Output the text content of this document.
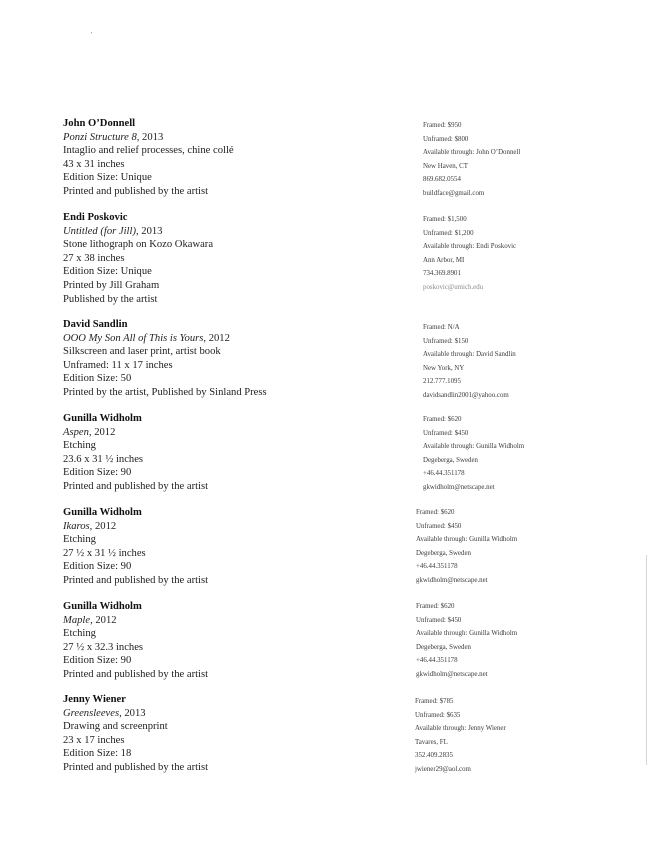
'
John O’Donnell
Ponzi Structure 8, 2013
Intaglio and relief processes, chine collé
43 x 31 inches
Edition Size: Unique
Printed and published by the artist
Framed: $950
Unframed: $800
Available through: John O’Donnell
New Haven, CT
869.682.0554
buildface@gmail.com
Endi Poskovic
Untitled (for Jill), 2013
Stone lithograph on Kozo Okawara
27 x 38 inches
Edition Size: Unique
Printed by Jill Graham
Published by the artist
Framed: $1,500
Unframed: $1,200
Available through: Endi Poskovic
Ann Arbor, MI
734.369.8901
poskovic@umich.edu
David Sandlin
OOO My Son All of This is Yours, 2012
Silkscreen and laser print, artist book
Unframed: 11 x 17 inches
Edition Size: 50
Printed by the artist, Published by Sinland Press
Framed: N/A
Unframed: $150
Available through: David Sandlin
New York, NY
212.777.1095
davidsandlin2001@yahoo.com
Gunilla Widholm
Aspen, 2012
Etching
23.6 x 31 ½ inches
Edition Size: 90
Printed and published by the artist
Framed: $620
Unframed: $450
Available through: Gunilla Widholm
Degeberga, Sweden
+46.44.351178
gkwidholm@netscape.net
Gunilla Widholm
Ikaros, 2012
Etching
27 ½ x 31 ½ inches
Edition Size: 90
Printed and published by the artist
Framed: $620
Unframed: $450
Available through: Gunilla Widholm
Degeberga, Sweden
+46.44.351178
gkwidholm@netscape.net
Gunilla Widholm
Maple, 2012
Etching
27 ½ x 32.3 inches
Edition Size: 90
Printed and published by the artist
Framed: $620
Unframed: $450
Available through: Gunilla Widholm
Degeberga, Sweden
+46.44.351178
gkwidholm@netscape.net
Jenny Wiener
Greensleeves, 2013
Drawing and screenprint
23 x 17 inches
Edition Size: 18
Printed and published by the artist
Framed: $785
Unframed: $635
Available through: Jenny Wiener
Tavares, FL
352.409.2835
jwiener29@aol.com
